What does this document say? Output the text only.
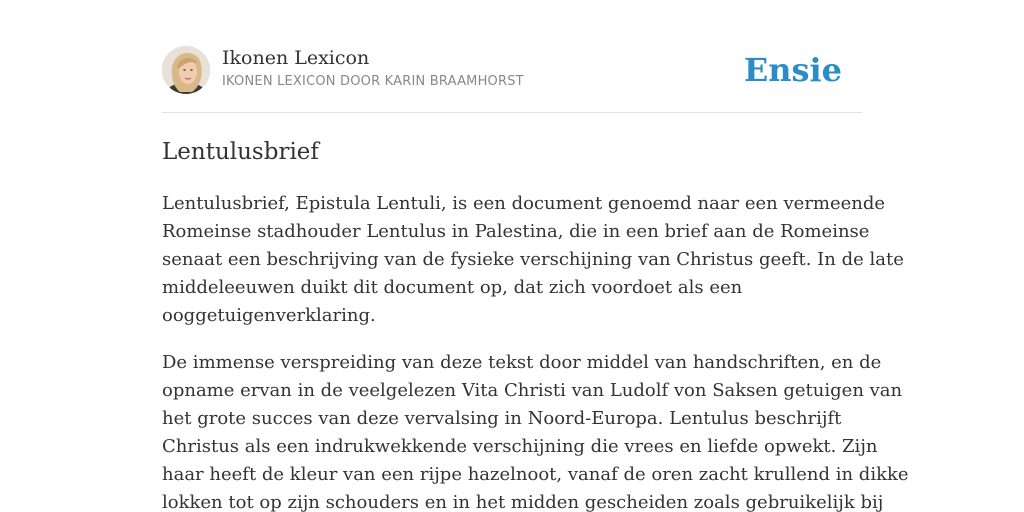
Ikonen Lexicon
IKONEN LEXICON DOOR KARIN BRAAMHORST	Ensie
Lentulusbrief

Lentulusbrief, Epistula Lentuli, is een document genoemd naar een vermeende
Romeinse stadhouder Lentulus in Palestina, die in een brief aan de Romeinse
senaat een beschrijving van de fysieke verschijning van Christus geeft. In de late
middeleeuwen duikt dit document op, dat zich voordoet als een
ooggetuigenverklaring.

De immense verspreiding van deze tekst door middel van handschriften, en de
opname ervan in de veelgelezen Vita Christi van Ludolf von Saksen getuigen van
het grote succes van deze vervalsing in Noord-Europa. Lentulus beschrijft
Christus als een indrukwekkende verschijning die vrees en liefde opwekt. Zijn
haar heeft de kleur van een rijpe hazelnoot, vanaf de oren zacht krullend in dikke
lokken tot op zijn schouders en in het midden gescheiden zoals gebruikelijk bij
